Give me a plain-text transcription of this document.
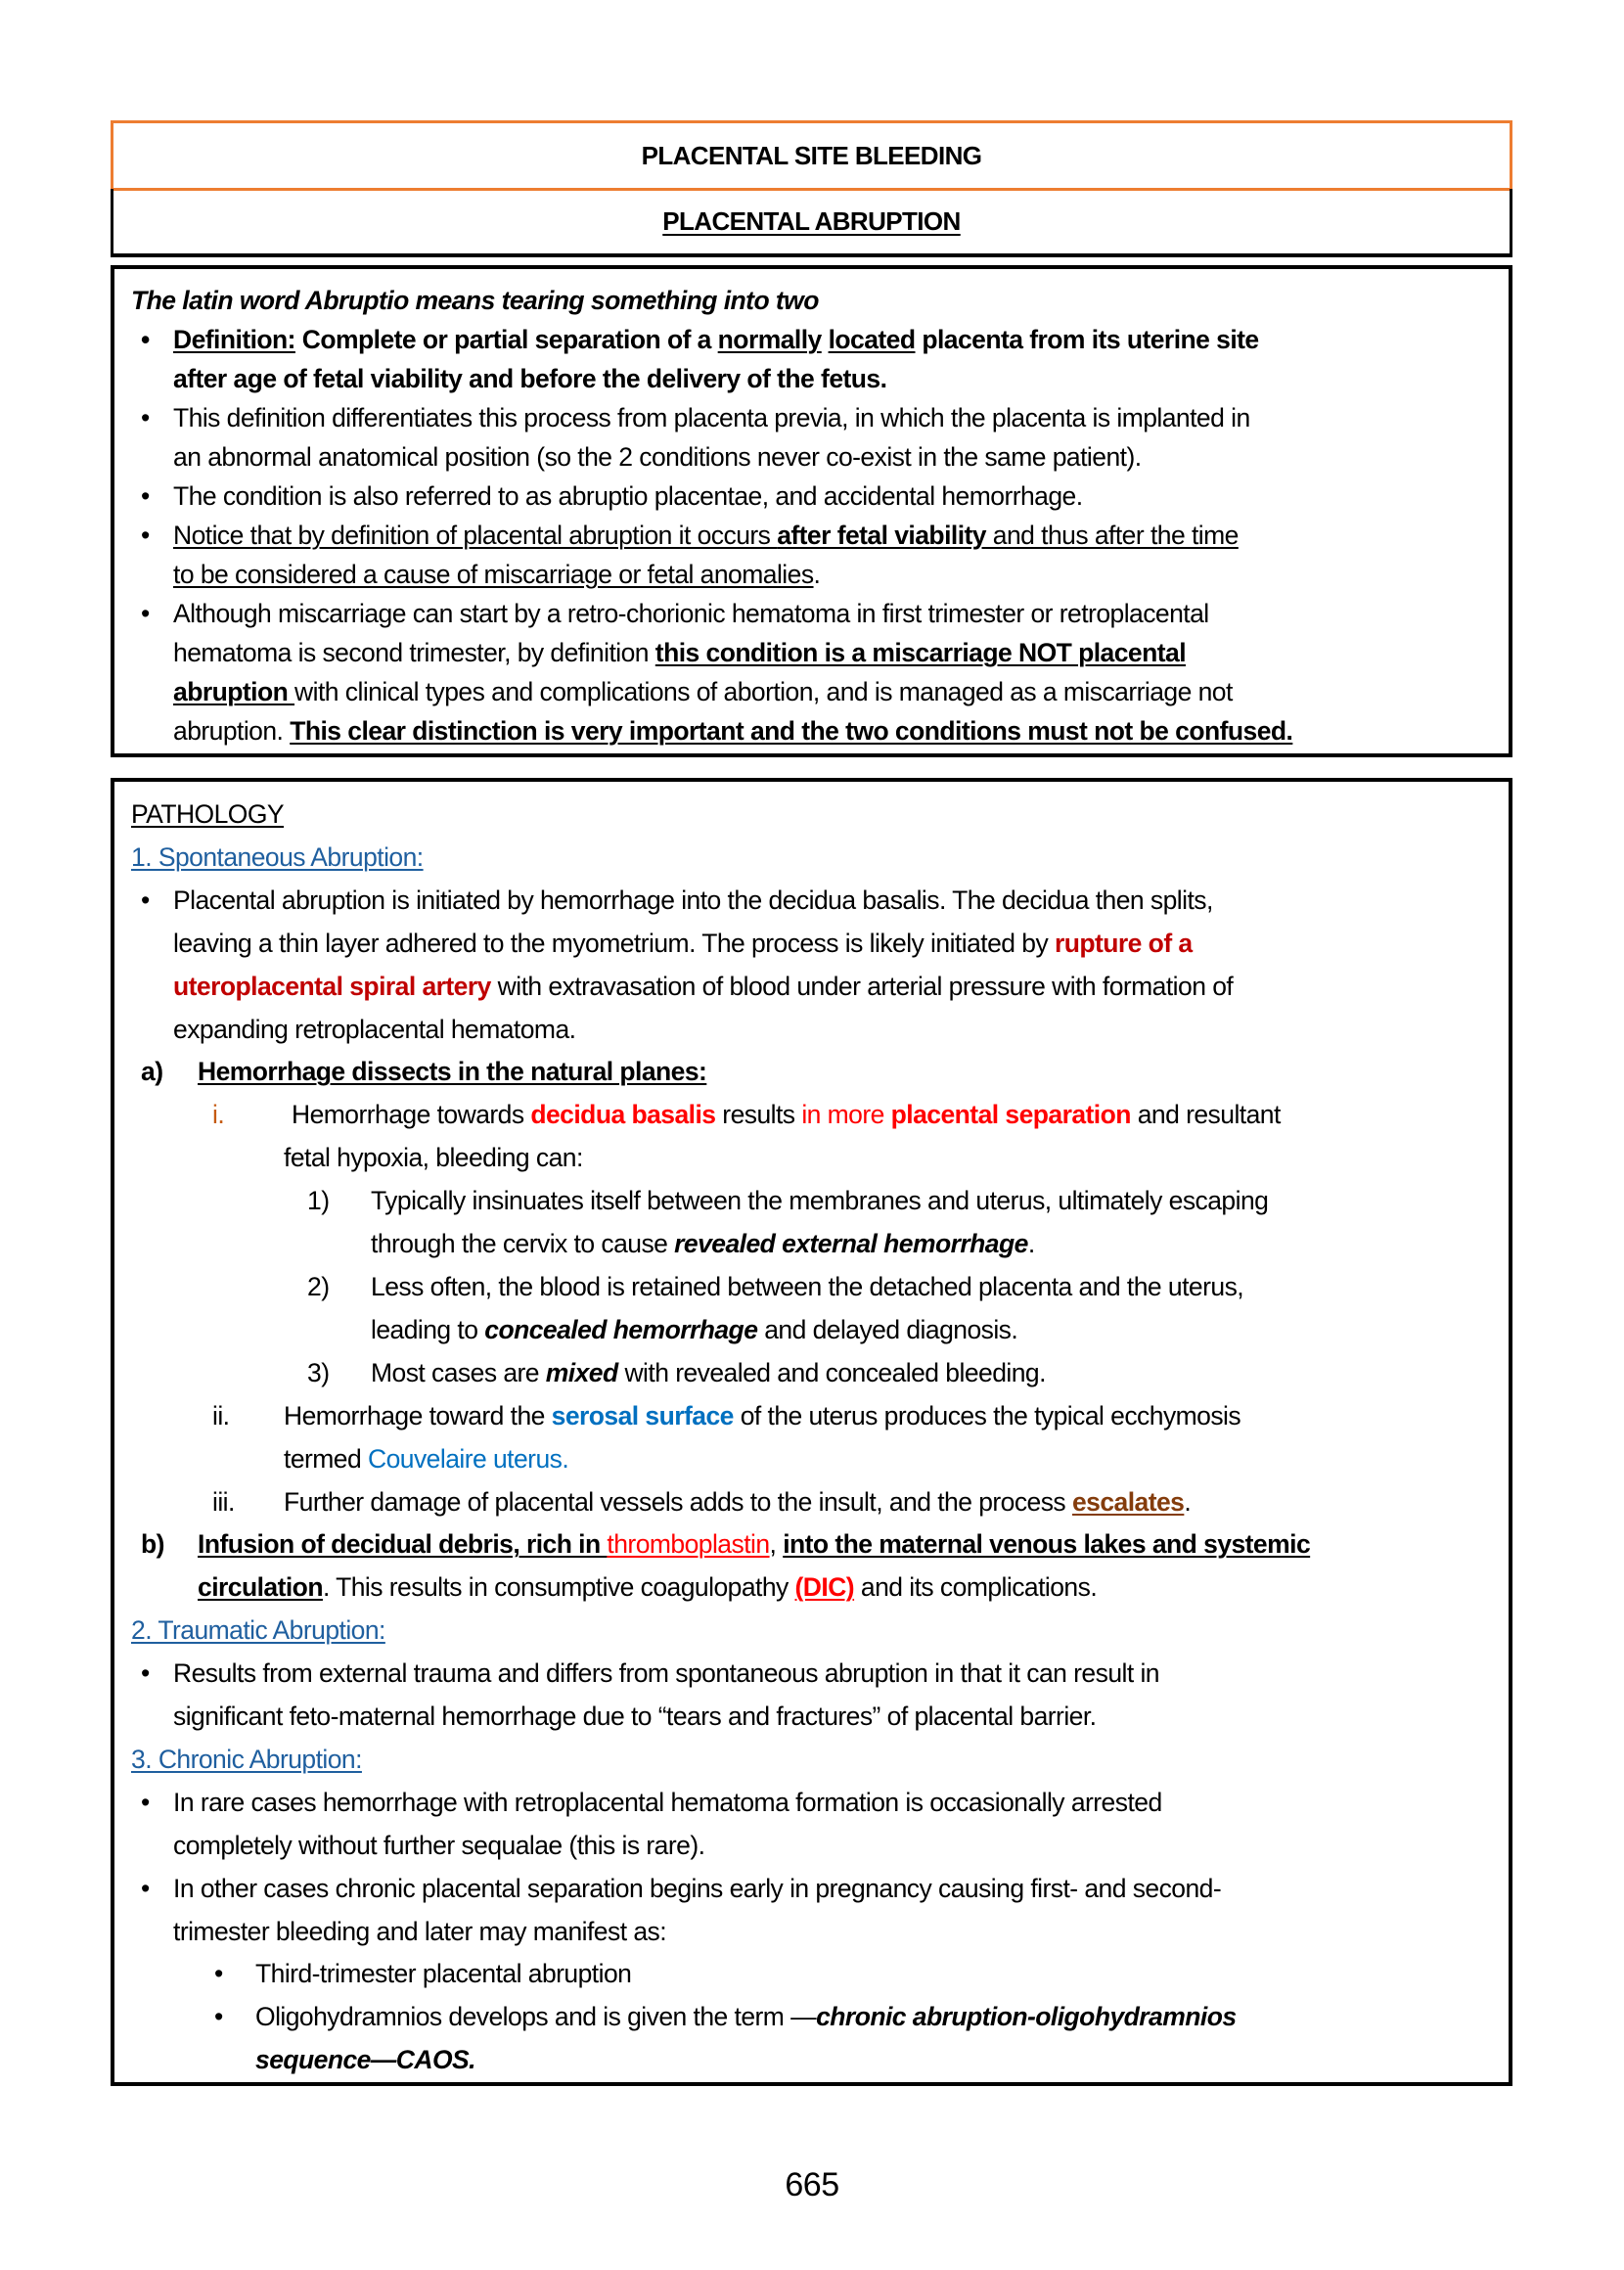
PLACENTAL SITE BLEEDING
PLACENTAL ABRUPTION
The latin word Abruptio means tearing something into two
• Definition: Complete or partial separation of a normally located placenta from its uterine site
after age of fetal viability and before the delivery of the fetus.
• This definition differentiates this process from placenta previa, in which the placenta is implanted in
an abnormal anatomical position (so the 2 conditions never co-exist in the same patient).
• The condition is also referred to as abruptio placentae, and accidental hemorrhage.
• Notice that by definition of placental abruption it occurs after fetal viability and thus after the time
to be considered a cause of miscarriage or fetal anomalies.
• Although miscarriage can start by a retro-chorionic hematoma in first trimester or retroplacental
hematoma is second trimester, by definition this condition is a miscarriage NOT placental
abruption with clinical types and complications of abortion, and is managed as a miscarriage not
abruption. This clear distinction is very important and the two conditions must not be confused.
PATHOLOGY
1. Spontaneous Abruption:
• Placental abruption is initiated by hemorrhage into the decidua basalis. The decidua then splits,
leaving a thin layer adhered to the myometrium. The process is likely initiated by rupture of a
uteroplacental spiral artery with extravasation of blood under arterial pressure with formation of
expanding retroplacental hematoma.
a) Hemorrhage dissects in the natural planes:
i.	Hemorrhage towards decidua basalis results in more placental separation and resultant
fetal hypoxia, bleeding can:
1) Typically insinuates itself between the membranes and uterus, ultimately escaping
through the cervix to cause revealed external hemorrhage.
2) Less often, the blood is retained between the detached placenta and the uterus,
leading to concealed hemorrhage and delayed diagnosis.
3) Most cases are mixed with revealed and concealed bleeding.
ii. Hemorrhage toward the serosal surface of the uterus produces the typical ecchymosis
termed Couvelaire uterus.
iii. Further damage of placental vessels adds to the insult, and the process escalates.
b) Infusion of decidual debris, rich in thromboplastin, into the maternal venous lakes and systemic
circulation. This results in consumptive coagulopathy (DIC) and its complications.
2. Traumatic Abruption:
• Results from external trauma and differs from spontaneous abruption in that it can result in
significant feto-maternal hemorrhage due to “tears and fractures” of placental barrier.
3. Chronic Abruption:
• In rare cases hemorrhage with retroplacental hematoma formation is occasionally arrested
completely without further sequalae (this is rare).
• In other cases chronic placental separation begins early in pregnancy causing first- and second-
trimester bleeding and later may manifest as:
• Third-trimester placental abruption
• Oligohydramnios develops and is given the term —chronic abruption-oligohydramnios
sequence—CAOS.
665
